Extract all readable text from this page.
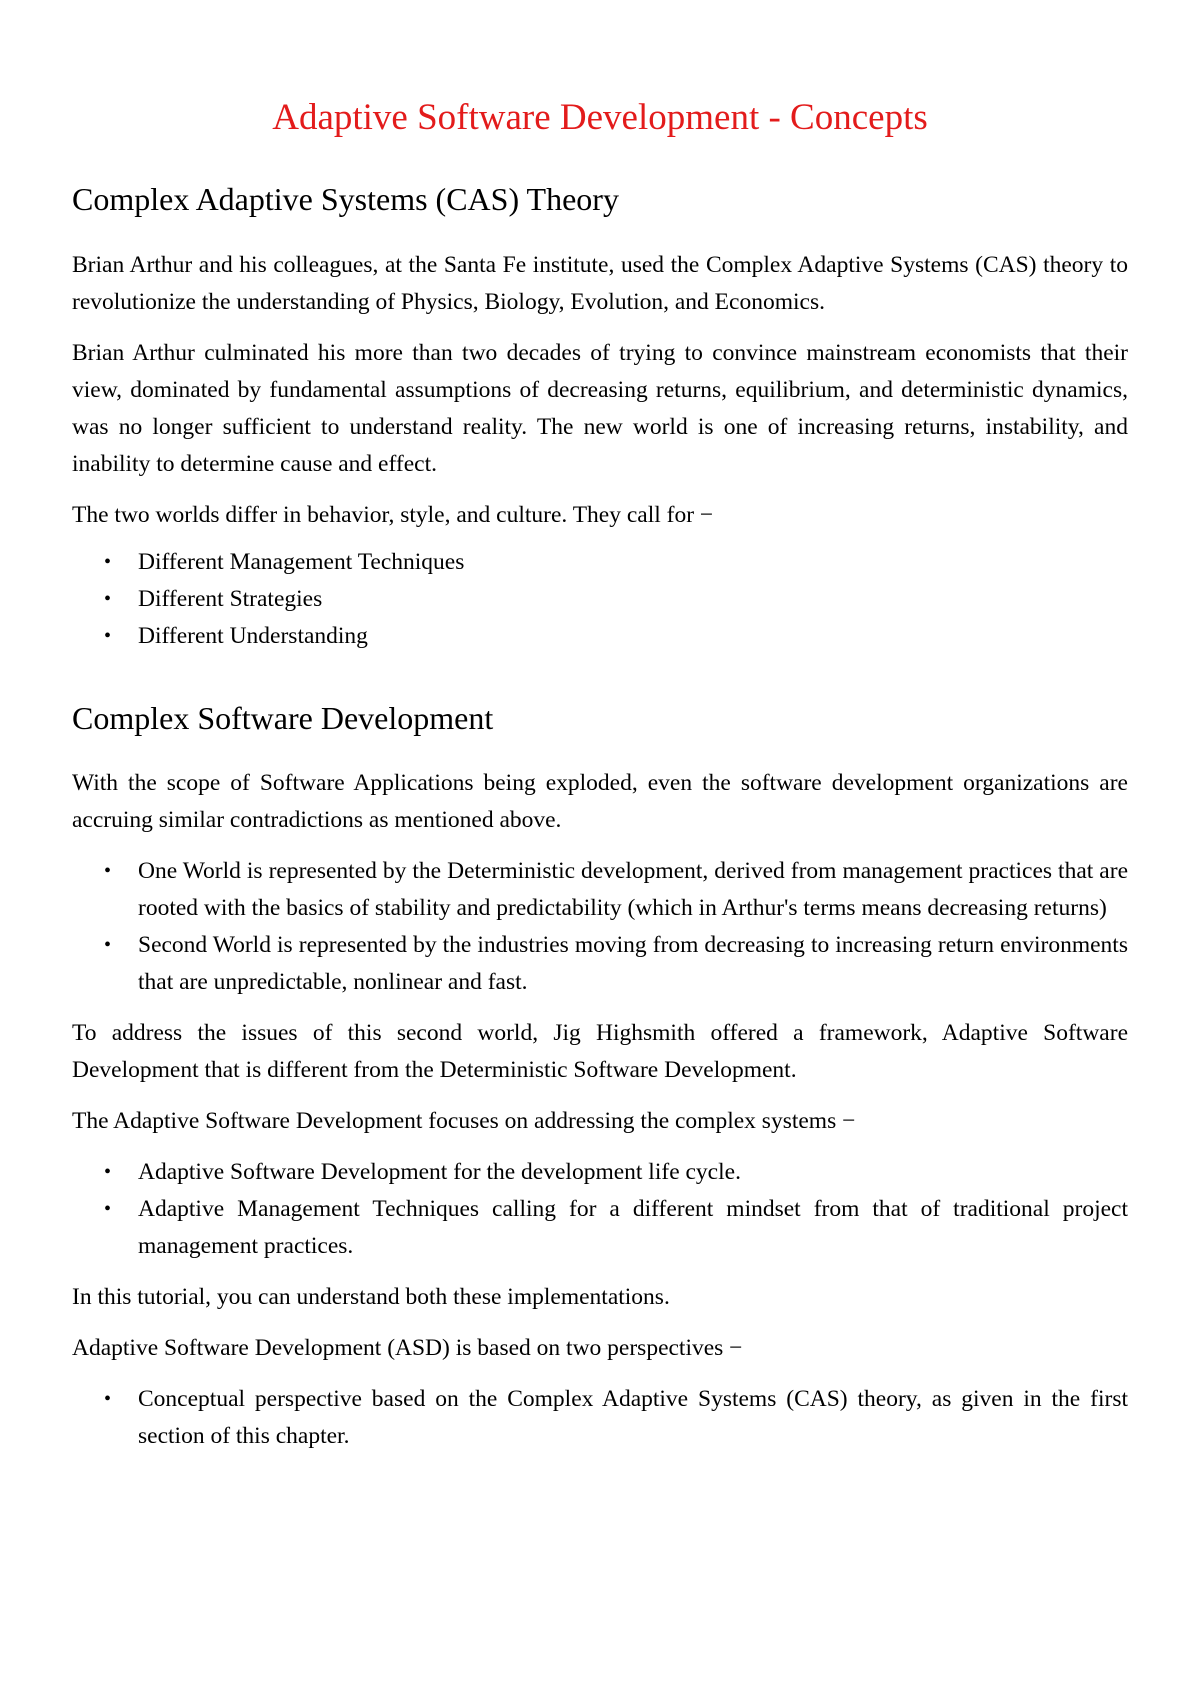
Adaptive Software Development - Concepts
Complex Adaptive Systems (CAS) Theory

Brian Arthur and his colleagues, at the Santa Fe institute, used the Complex Adaptive Systems (CAS) theory to revolutionize the understanding of Physics, Biology, Evolution, and Economics.

Brian Arthur culminated his more than two decades of trying to convince mainstream economists that their view, dominated by fundamental assumptions of decreasing returns, equilibrium, and deterministic dynamics, was no longer sufficient to understand reality. The new world is one of increasing returns, instability, and inability to determine cause and effect.

The two worlds differ in behavior, style, and culture. They call for −

• Different Management Techniques
• Different Strategies
• Different Understanding
Complex Software Development

With the scope of Software Applications being exploded, even the software development organizations are accruing similar contradictions as mentioned above.

• One World is represented by the Deterministic development, derived from management practices that are rooted with the basics of stability and predictability (which in Arthur's terms means decreasing returns)
• Second World is represented by the industries moving from decreasing to increasing return environments that are unpredictable, nonlinear and fast.

To address the issues of this second world, Jig Highsmith offered a framework, Adaptive Software Development that is different from the Deterministic Software Development.

The Adaptive Software Development focuses on addressing the complex systems −

• Adaptive Software Development for the development life cycle.
• Adaptive Management Techniques calling for a different mindset from that of traditional project management practices.

In this tutorial, you can understand both these implementations.

Adaptive Software Development (ASD) is based on two perspectives −

• Conceptual perspective based on the Complex Adaptive Systems (CAS) theory, as given in the first section of this chapter.
